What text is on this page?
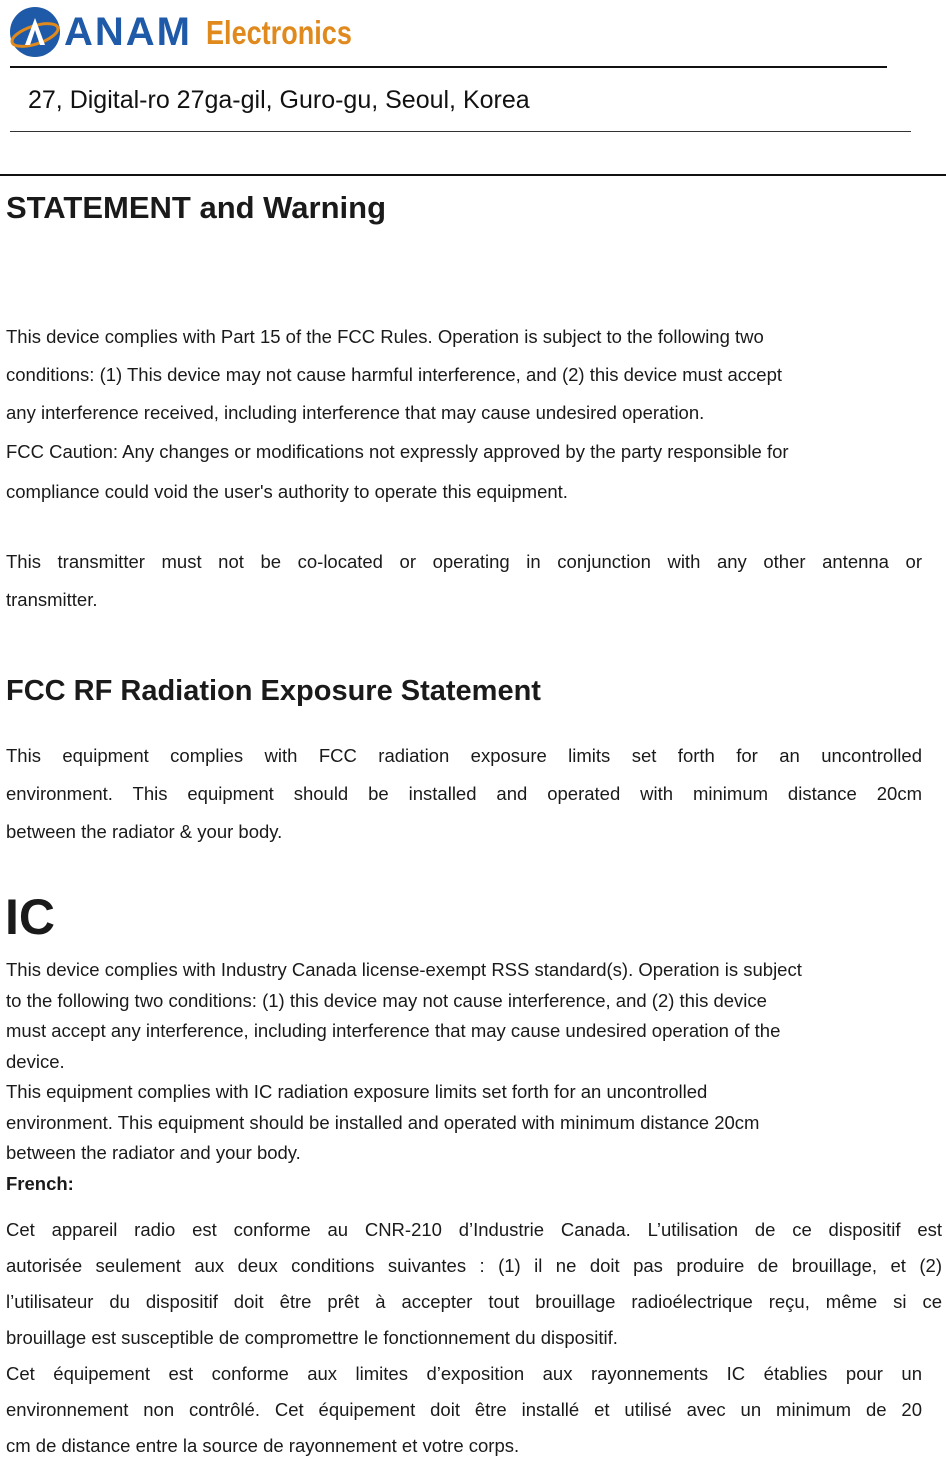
ANAM Electronics
27, Digital-ro 27ga-gil, Guro-gu, Seoul, Korea
STATEMENT and Warning
This device complies with Part 15 of the FCC Rules. Operation is subject to the following two
conditions: (1) This device may not cause harmful interference, and (2) this device must accept
any interference received, including interference that may cause undesired operation.
FCC Caution: Any changes or modifications not expressly approved by the party responsible for
compliance could void the user's authority to operate this equipment.
This transmitter must not be co-located or operating in conjunction with any other antenna or
transmitter.
FCC RF Radiation Exposure Statement
This equipment complies with FCC radiation exposure limits set forth for an uncontrolled
environment. This equipment should be installed and operated with minimum distance 20cm
between the radiator & your body.
IC
This device complies with Industry Canada license-exempt RSS standard(s). Operation is subject
to the following two conditions: (1) this device may not cause interference, and (2) this device
must accept any interference, including interference that may cause undesired operation of the
device.
This equipment complies with IC radiation exposure limits set forth for an uncontrolled
environment. This equipment should be installed and operated with minimum distance 20cm
between the radiator and your body.
French:
Cet appareil radio est conforme au CNR-210 d’Industrie Canada. L’utilisation de ce dispositif est
autorisée seulement aux deux conditions suivantes : (1) il ne doit pas produire de brouillage, et (2)
l’utilisateur du dispositif doit être prêt à accepter tout brouillage radioélectrique reçu, même si ce
brouillage est susceptible de compromettre le fonctionnement du dispositif.
Cet équipement est conforme aux limites d’exposition aux rayonnements IC établies pour un
environnement non contrôlé. Cet équipement doit être installé et utilisé avec un minimum de 20
cm de distance entre la source de rayonnement et votre corps.
